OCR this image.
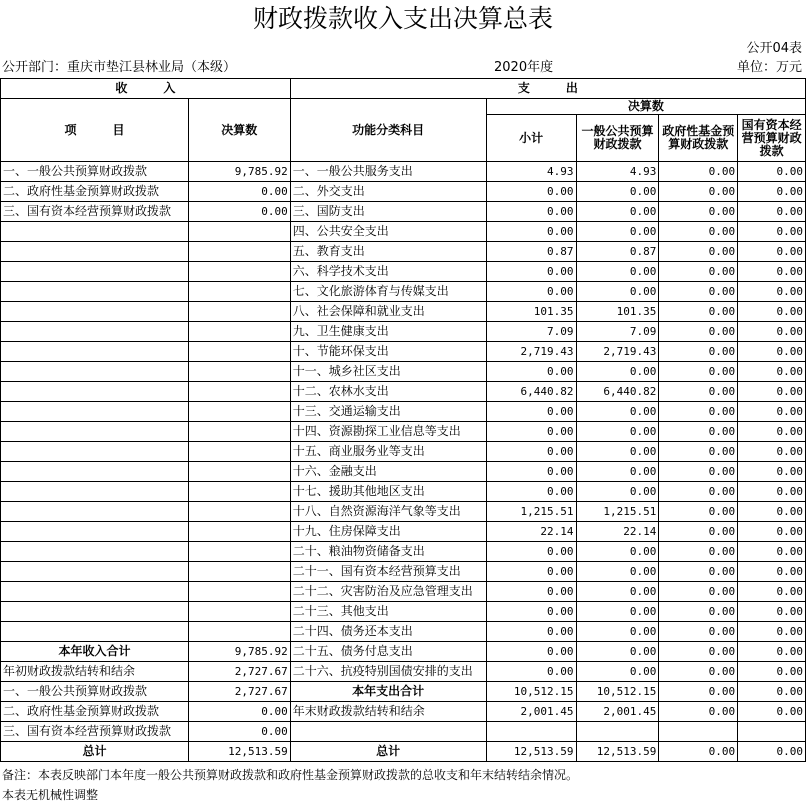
财政拨款收入支出决算总表
公开04表
公开部门：重庆市垫江县林业局（本级）	2020年度	单位：万元
收　　　入		支　　　出				
项　　　目	决算数	功能分类科目	决算数			
			小计	一般公共预算财政拨款	政府性基金预算财政拨款	国有资本经营预算财政拨款

一、一般公共预算财政拨款	9,785.92	一、一般公共服务支出	4.93	4.93	0.00	0.00
二、政府性基金预算财政拨款	0.00	二、外交支出	0.00	0.00	0.00	0.00
三、国有资本经营预算财政拨款	0.00	三、国防支出	0.00	0.00	0.00	0.00
		四、公共安全支出	0.00	0.00	0.00	0.00
		五、教育支出	0.87	0.87	0.00	0.00
		六、科学技术支出	0.00	0.00	0.00	0.00
		七、文化旅游体育与传媒支出	0.00	0.00	0.00	0.00
		八、社会保障和就业支出	101.35	101.35	0.00	0.00
		九、卫生健康支出	7.09	7.09	0.00	0.00
		十、节能环保支出	2,719.43	2,719.43	0.00	0.00
		十一、城乡社区支出	0.00	0.00	0.00	0.00
		十二、农林水支出	6,440.82	6,440.82	0.00	0.00
		十三、交通运输支出	0.00	0.00	0.00	0.00
		十四、资源勘探工业信息等支出	0.00	0.00	0.00	0.00
		十五、商业服务业等支出	0.00	0.00	0.00	0.00
		十六、金融支出	0.00	0.00	0.00	0.00
		十七、援助其他地区支出	0.00	0.00	0.00	0.00
		十八、自然资源海洋气象等支出	1,215.51	1,215.51	0.00	0.00
		十九、住房保障支出	22.14	22.14	0.00	0.00
		二十、粮油物资储备支出	0.00	0.00	0.00	0.00
		二十一、国有资本经营预算支出	0.00	0.00	0.00	0.00
		二十二、灾害防治及应急管理支出	0.00	0.00	0.00	0.00
		二十三、其他支出	0.00	0.00	0.00	0.00
		二十四、债务还本支出	0.00	0.00	0.00	0.00
本年收入合计	9,785.92	二十五、债务付息支出	0.00	0.00	0.00	0.00
年初财政拨款结转和结余	2,727.67	二十六、抗疫特别国债安排的支出	0.00	0.00	0.00	0.00
一、一般公共预算财政拨款	2,727.67	本年支出合计	10,512.15	10,512.15	0.00	0.00
二、政府性基金预算财政拨款	0.00	年末财政拨款结转和结余	2,001.45	2,001.45	0.00	0.00
三、国有资本经营预算财政拨款	0.00					
总计	12,513.59	总计	12,513.59	12,513.59	0.00	0.00
备注：本表反映部门本年度一般公共预算财政拨款和政府性基金预算财政拨款的总收支和年末结转结余情况。
本表无机械性调整
